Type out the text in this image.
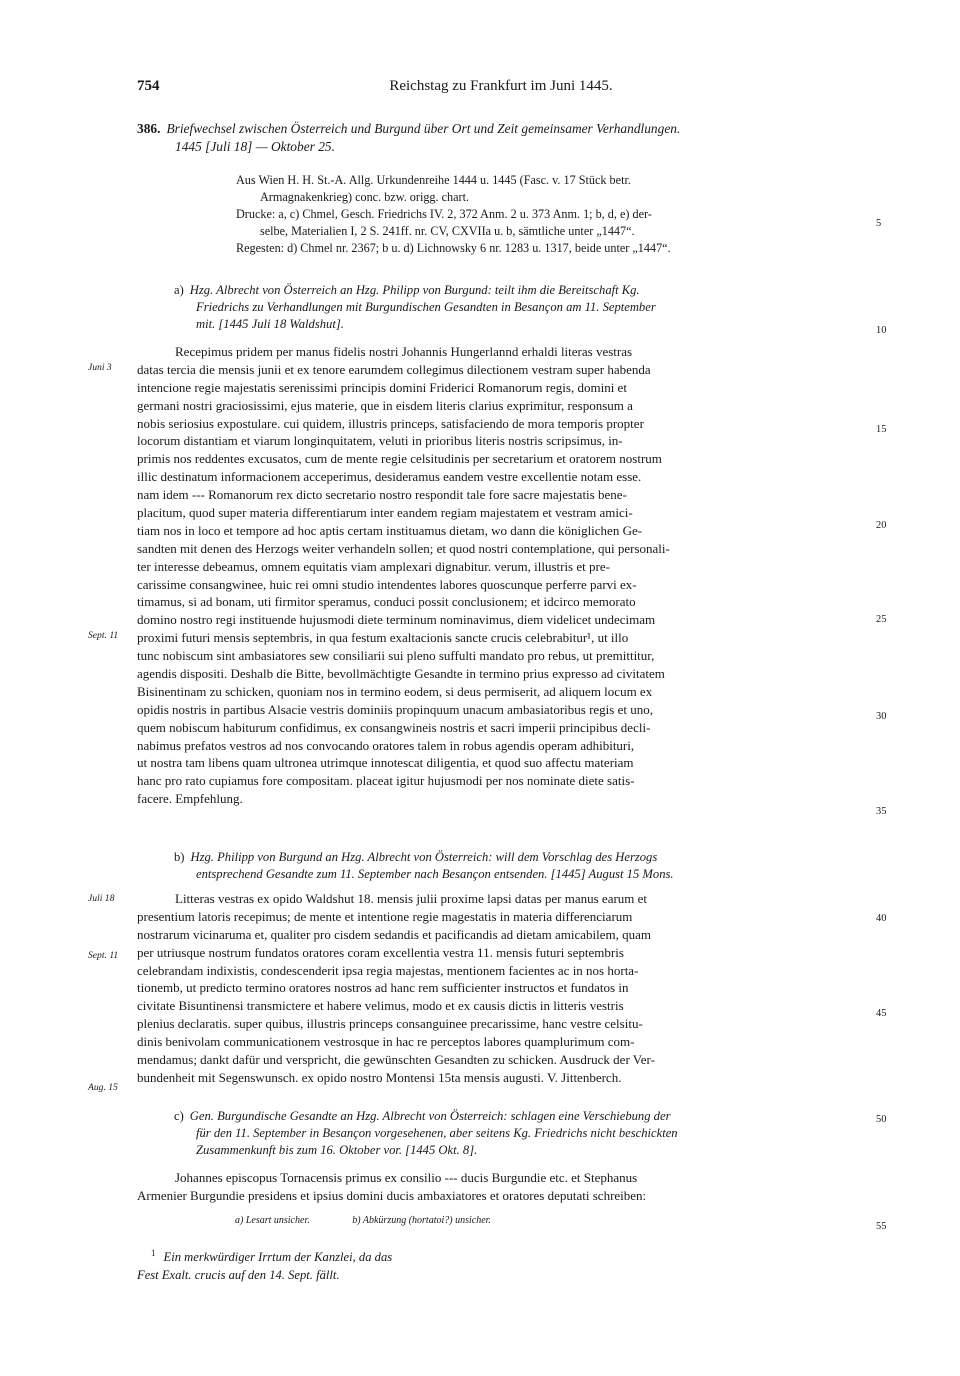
754	Reichstag zu Frankfurt im Juni 1445.
386. Briefwechsel zwischen Österreich und Burgund über Ort und Zeit gemeinsamer Verhandlungen.
1445 [Juli 18] — Oktober 25.
Aus Wien H. H. St.-A. Allg. Urkundenreihe 1444 u. 1445 (Fasc. v. 17 Stück betr.
Armagnakenkrieg) conc. bzw. origg. chart.
Drucke: a, c) Chmel, Gesch. Friedrichs IV. 2, 372 Anm. 2 u. 373 Anm. 1; b, d, e) der-
selbe, Materialien I, 2 S. 241ff. nr. CV, CXVIIa u. b, sämtliche unter „1447“.
Regesten: d) Chmel nr. 2367; b u. d) Lichnowsky 6 nr. 1283 u. 1317, beide unter „1447“.
a) Hzg. Albrecht von Österreich an Hzg. Philipp von Burgund: teilt ihm die Bereitschaft Kg.
Friedrichs zu Verhandlungen mit Burgundischen Gesandten in Besançon am 11. September
mit. [1445 Juli 18 Waldshut].
Recepimus pridem per manus fidelis nostri Johannis Hungerlannd erhaldi literas vestras
datas tercia die mensis junii et ex tenore earumdem collegimus dilectionem vestram super habenda
intencione regie majestatis serenissimi principis domini Friderici Romanorum regis, domini et
germani nostri graciosissimi, ejus materie, que in eisdem literis clarius exprimitur, responsum a
nobis seriosius expostulare. cui quidem, illustris princeps, satisfaciendo de mora temporis propter
locorum distantiam et viarum longinquitatem, veluti in prioribus literis nostris scripsimus, in-
primis nos reddentes excusatos, cum de mente regie celsitudinis per secretarium et oratorem nostrum
illic destinatum informacionem acceperimus, desideramus eandem vestre excellentie notam esse.
nam idem --- Romanorum rex dicto secretario nostro respondit tale fore sacre majestatis bene-
placitum, quod super materia differentiarum inter eandem regiam majestatem et vestram amici-
tiam nos in loco et tempore ad hoc aptis certam instituamus dietam, wo dann die königlichen Ge-
sandten mit denen des Herzogs weiter verhandeln sollen; et quod nostri contemplatione, qui personali-
ter interesse debeamus, omnem equitatis viam amplexari dignabitur. verum, illustris et pre-
carissime consangwinee, huic rei omni studio intendentes labores quoscunque perferre parvi ex-
timamus, si ad bonam, uti firmitor speramus, conduci possit conclusionem; et idcirco memorato
domino nostro regi instituende hujusmodi diete terminum nominavimus, diem videlicet undecimam
proximi futuri mensis septembris, in qua festum exaltacionis sancte crucis celebrabitur¹, ut illo
tunc nobiscum sint ambasiatores sew consiliarii sui pleno suffulti mandato pro rebus, ut premittitur,
agendis dispositi. Deshalb die Bitte, bevollmächtigte Gesandte in termino prius expresso ad civitatem
Bisinentinam zu schicken, quoniam nos in termino eodem, si deus permiserit, ad aliquem locum ex
opidis nostris in partibus Alsacie vestris dominiis propinquum unacum ambasiatoribus regis et uno,
quem nobiscum habiturum confidimus, ex consangwineis nostris et sacri imperii principibus decli-
nabimus prefatos vestros ad nos convocando oratores talem in robus agendis operam adhibituri,
ut nostra tam libens quam ultronea utrimque innotescat diligentia, et quod suo affectu materiam
hanc pro rato cupiamus fore compositam. placeat igitur hujusmodi per nos nominate diete satis-
facere. Empfehlung.
b) Hzg. Philipp von Burgund an Hzg. Albrecht von Österreich: will dem Vorschlag des Herzogs
entsprechend Gesandte zum 11. September nach Besançon entsenden. [1445] August 15 Mons.
Litteras vestras ex opido Waldshut 18. mensis julii proxime lapsi datas per manus earum et
presentium latoris recepimus; de mente et intentione regie magestatis in materia differenciarum
nostrarum vicinaruma et, qualiter pro cisdem sedandis et pacificandis ad dietam amicabilem, quam
per utriusque nostrum fundatos oratores coram excellentia vestra 11. mensis futuri septembris
celebrandam indixistis, condescenderit ipsa regia majestas, mentionem facientes ac in nos horta-
tionemb, ut predicto termino oratores nostros ad hanc rem sufficienter instructos et fundatos in
civitate Bisuntinensi transmictere et habere velimus, modo et ex causis dictis in litteris vestris
plenius declaratis. super quibus, illustris princeps consanguinee precarissime, hanc vestre celsitu-
dinis benivolam communicationem vestrosque in hac re perceptos labores quamplurimum com-
mendamus; dankt dafür und verspricht, die gewünschten Gesandten zu schicken. Ausdruck der Ver-
bundenheit mit Segenswunsch. ex opido nostro Montensi 15ta mensis augusti. V. Jittenberch.
c) Gen. Burgundische Gesandte an Hzg. Albrecht von Österreich: schlagen eine Verschiebung der
für den 11. September in Besançon vorgesehenen, aber seitens Kg. Friedrichs nicht beschickten
Zusammenkunft bis zum 16. Oktober vor. [1445 Okt. 8].
Johannes episcopus Tornacensis primus ex consilio --- ducis Burgundie etc. et Stephanus
Armenier Burgundie presidens et ipsius domini ducis ambaxiatores et oratores deputati schreiben:
Juni 3
Sept. 11
Juli 18
Sept. 11
Aug. 15
5
10
15
20
25
30
35
40
45
50
55
a) Lesart unsicher.	b) Abkürzung (hortatoi?) unsicher.
$^1$ Ein merkwürdiger Irrtum der Kanzlei, da das
Fest Exalt. crucis auf den 14. Sept. fällt.
